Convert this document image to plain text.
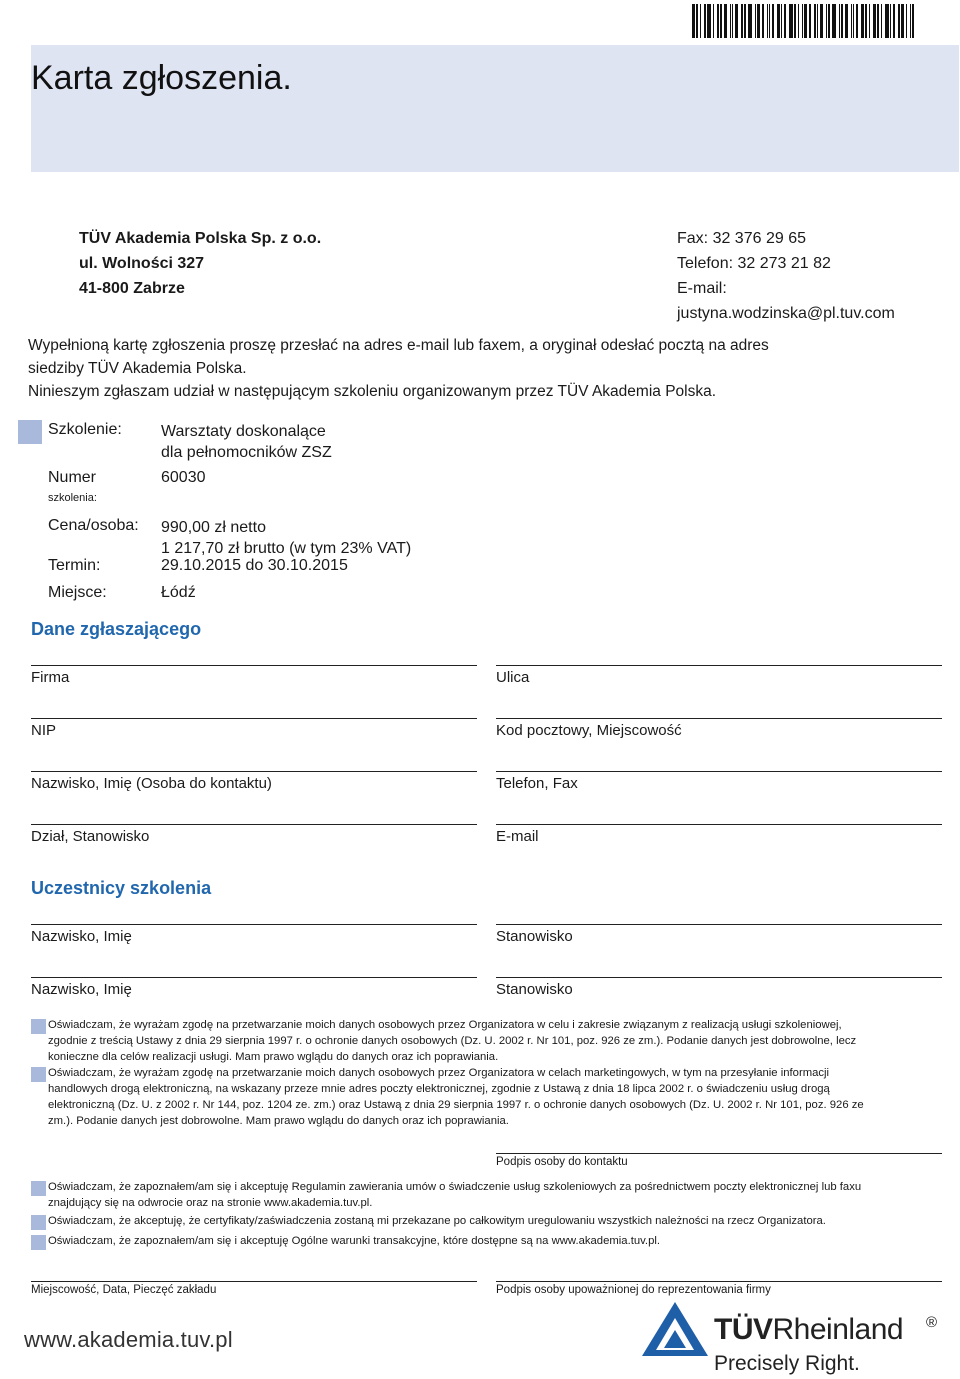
Karta zgłoszenia.
TÜV Akademia Polska Sp. z o.o.
ul. Wolności 327
41-800 Zabrze
Fax: 32 376 29 65
Telefon: 32 273 21 82
E-mail:
justyna.wodzinska@pl.tuv.com
Wypełnioną kartę zgłoszenia proszę przesłać na adres e-mail lub faxem, a oryginał odesłać pocztą na adres
siedziby TÜV Akademia Polska.
Ninieszym zgłaszam udział w następującym szkoleniu organizowanym przez TÜV Akademia Polska.
Szkolenie: Warsztaty doskonalące
dla pełnomocników ZSZ
Numer
szkolenia:
60030
Cena/osoba: 990,00 zł netto
1 217,70 zł brutto (w tym 23% VAT)
Termin:	29.10.2015 do 30.10.2015
Miejsce:	Łódź
Dane zgłaszającego
Firma	Ulica
NIP	Kod pocztowy, Miejscowość
Nazwisko, Imię (Osoba do kontaktu)	Telefon, Fax
Dział, Stanowisko	E-mail
Uczestnicy szkolenia
Nazwisko, Imię	Stanowisko
Nazwisko, Imię	Stanowisko
Oświadczam, że wyrażam zgodę na przetwarzanie moich danych osobowych przez Organizatora w celu i zakresie związanym z realizacją usługi szkoleniowej,
zgodnie z treścią Ustawy z dnia 29 sierpnia 1997 r. o ochronie danych osobowych (Dz. U. 2002 r. Nr 101, poz. 926 ze zm.). Podanie danych jest dobrowolne, lecz
konieczne dla celów realizacji usługi. Mam prawo wglądu do danych oraz ich poprawiania.
Oświadczam, że wyrażam zgodę na przetwarzanie moich danych osobowych przez Organizatora w celach marketingowych, w tym na przesyłanie informacji
handlowych drogą elektroniczną, na wskazany przeze mnie adres poczty elektronicznej, zgodnie z Ustawą z dnia 18 lipca 2002 r. o świadczeniu usług drogą
elektroniczną (Dz. U. z 2002 r. Nr 144, poz. 1204 ze. zm.) oraz Ustawą z dnia 29 sierpnia 1997 r. o ochronie danych osobowych (Dz. U. 2002 r. Nr 101, poz. 926 ze
zm.). Podanie danych jest dobrowolne. Mam prawo wglądu do danych oraz ich poprawiania.
Podpis osoby do kontaktu
Oświadczam, że zapoznałem/am się i akceptuję Regulamin zawierania umów o świadczenie usług szkoleniowych za pośrednictwem poczty elektronicznej lub faxu
znajdujący się na odwrocie oraz na stronie www.akademia.tuv.pl.
Oświadczam, że akceptuję, że certyfikaty/zaświadczenia zostaną mi przekazane po całkowitym uregulowaniu wszystkich należności na rzecz Organizatora.
Oświadczam, że zapoznałem/am się i akceptuję Ogólne warunki transakcyjne, które dostępne są na www.akademia.tuv.pl.
Miejscowość, Data, Pieczęć zakładu	Podpis osoby upoważnionej do reprezentowania firmy
www.akademia.tuv.pl	TÜVRheinland ®
Precisely Right.
